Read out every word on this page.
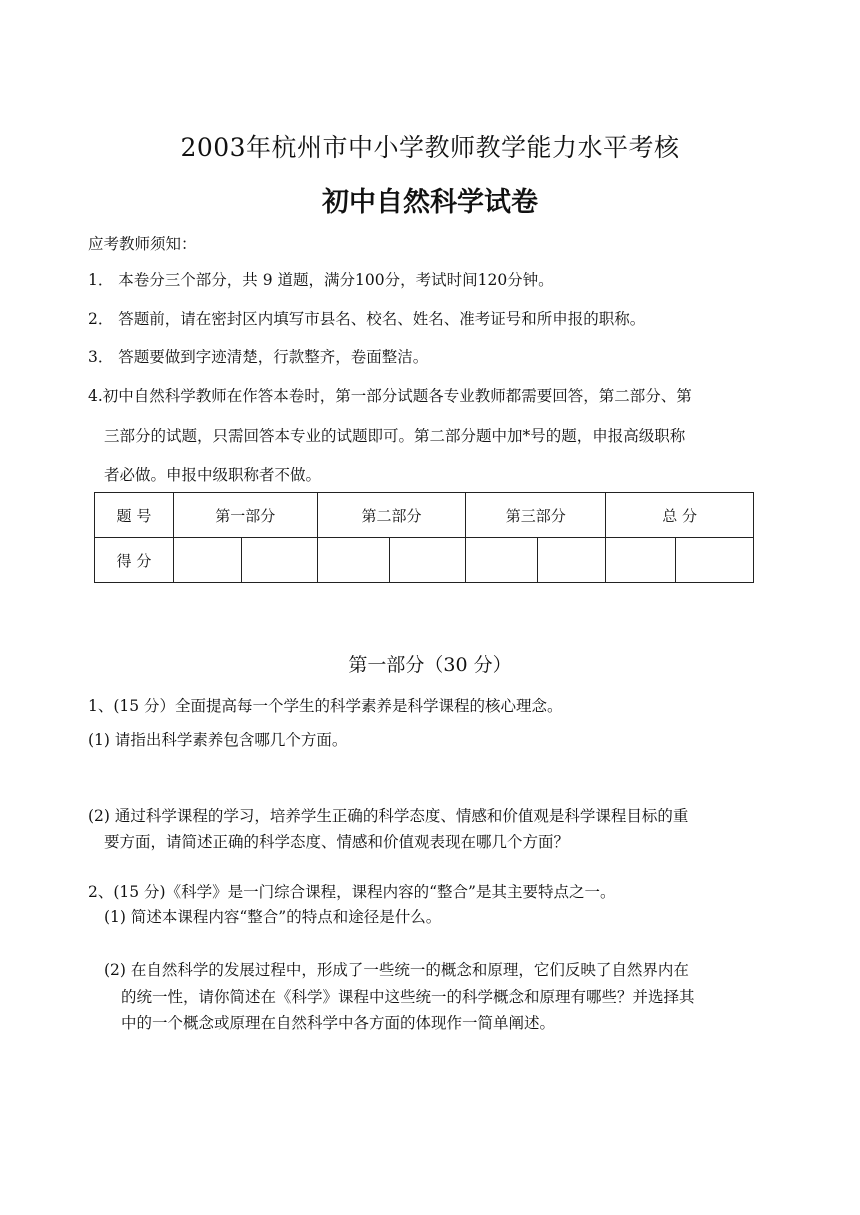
2003年杭州市中小学教师教学能力水平考核
初中自然科学试卷
应考教师须知：
1． 本卷分三个部分，共 9 道题，满分100分，考试时间120分钟。
2． 答题前，请在密封区内填写市县名、校名、姓名、准考证号和所申报的职称。
3． 答题要做到字迹清楚，行款整齐，卷面整洁。
4.初中自然科学教师在作答本卷时，第一部分试题各专业教师都需要回答，第二部分、第
三部分的试题，只需回答本专业的试题即可。第二部分题中加*号的题，申报高级职称
者必做。申报中级职称者不做。
题 号	第一部分		第二部分		第三部分		总 分	
得 分								
第一部分（30 分）
1、(15 分）全面提高每一个学生的科学素养是科学课程的核心理念。
(1) 请指出科学素养包含哪几个方面。
(2) 通过科学课程的学习，培养学生正确的科学态度、情感和价值观是科学课程目标的重
要方面，请简述正确的科学态度、情感和价值观表现在哪几个方面？
2、(15 分)《科学》是一门综合课程，课程内容的“整合”是其主要特点之一。
(1) 简述本课程内容“整合”的特点和途径是什么。
(2) 在自然科学的发展过程中，形成了一些统一的概念和原理，它们反映了自然界内在
的统一性，请你简述在《科学》课程中这些统一的科学概念和原理有哪些？并选择其
中的一个概念或原理在自然科学中各方面的体现作一简单阐述。
